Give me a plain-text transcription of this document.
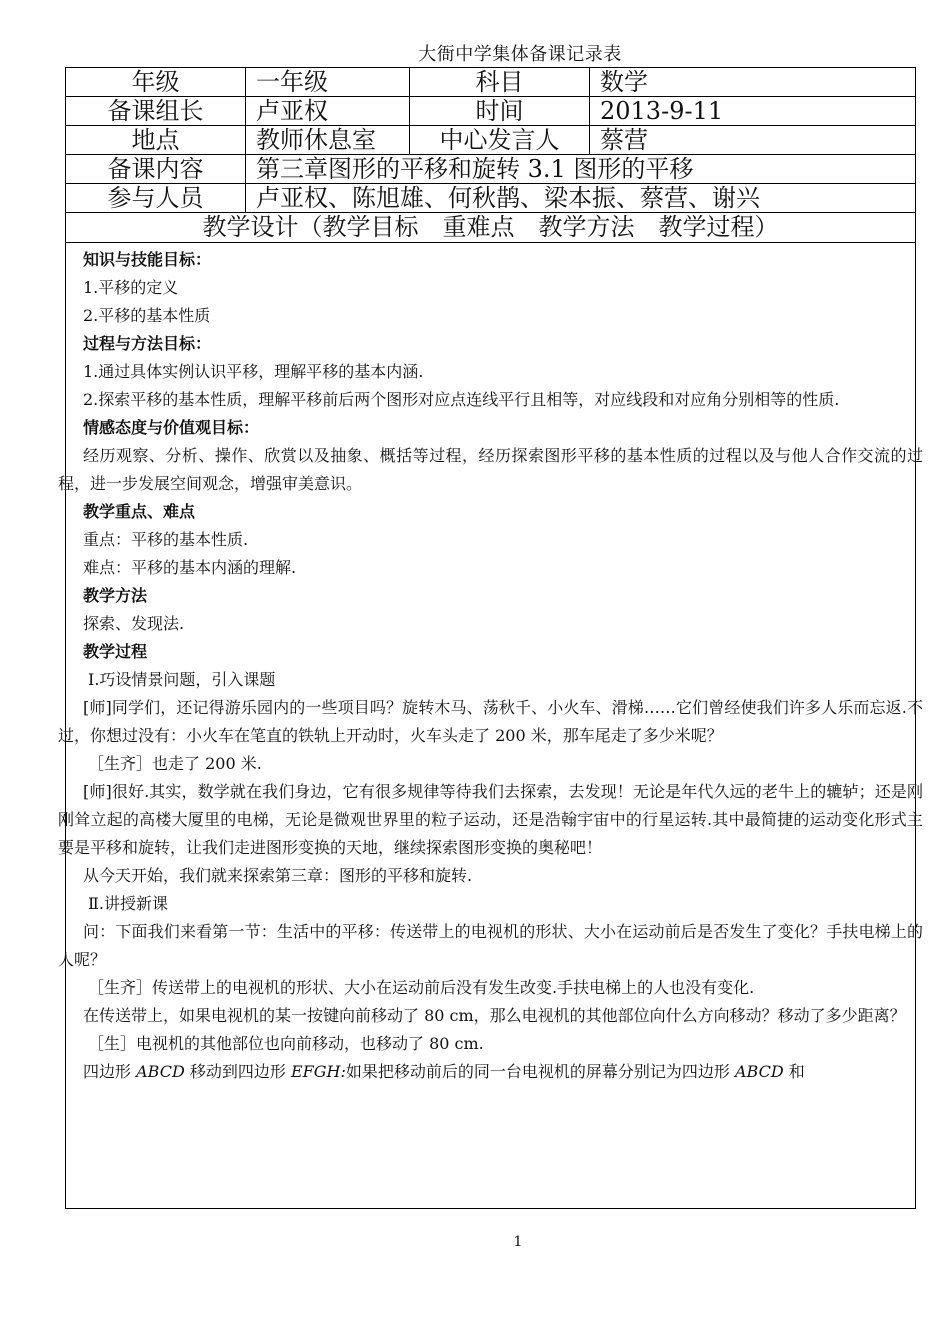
大衙中学集体备课记录表
年级	一年级	科目	数学
备课组长	卢亚权	时间	2013-9-11
地点	教师休息室	中心发言人	蔡营
备课内容	第三章图形的平移和旋转 3.1 图形的平移
参与人员	卢亚权、陈旭雄、何秋鹊、梁本振、蔡营、谢兴
教学设计（教学目标　重难点　教学方法　教学过程）

知识与技能目标：

1.平移的定义

2.平移的基本性质

过程与方法目标：

1.通过具体实例认识平移，理解平移的基本内涵.

2.探索平移的基本性质，理解平移前后两个图形对应点连线平行且相等，对应线段和对应角分别相等的性质.

情感态度与价值观目标：

经历观察、分析、操作、欣赏以及抽象、概括等过程，经历探索图形平移的基本性质的过程以及与他人合作交流的过程，进一步发展空间观念，增强审美意识。

教学重点、难点

重点：平移的基本性质.

难点：平移的基本内涵的理解.

教学方法

探索、发现法.

教学过程

Ⅰ.巧设情景问题，引入课题

[师]同学们，还记得游乐园内的一些项目吗？旋转木马、荡秋千、小火车、滑梯……它们曾经使我们许多人乐而忘返.不过，你想过没有：小火车在笔直的铁轨上开动时，火车头走了 200 米，那车尾走了多少米呢？

［生齐］也走了 200 米.

[师]很好.其实，数学就在我们身边，它有很多规律等待我们去探索，去发现！无论是年代久远的老牛上的辘轳；还是刚刚耸立起的高楼大厦里的电梯，无论是微观世界里的粒子运动，还是浩翰宇宙中的行星运转.其中最简捷的运动变化形式主要是平移和旋转，让我们走进图形变换的天地，继续探索图形变换的奥秘吧！

从今天开始，我们就来探索第三章：图形的平移和旋转.

Ⅱ.讲授新课

问：下面我们来看第一节：生活中的平移：传送带上的电视机的形状、大小在运动前后是否发生了变化？手扶电梯上的人呢？

［生齐］传送带上的电视机的形状、大小在运动前后没有发生改变.手扶电梯上的人也没有变化.

在传送带上，如果电视机的某一按键向前移动了 80 cm，那么电视机的其他部位向什么方向移动？移动了多少距离？

［生］电视机的其他部位也向前移动，也移动了 80 cm.

四边形 ABCD 移动到四边形 EFGH:如果把移动前后的同一台电视机的屏幕分别记为四边形 ABCD 和

1
